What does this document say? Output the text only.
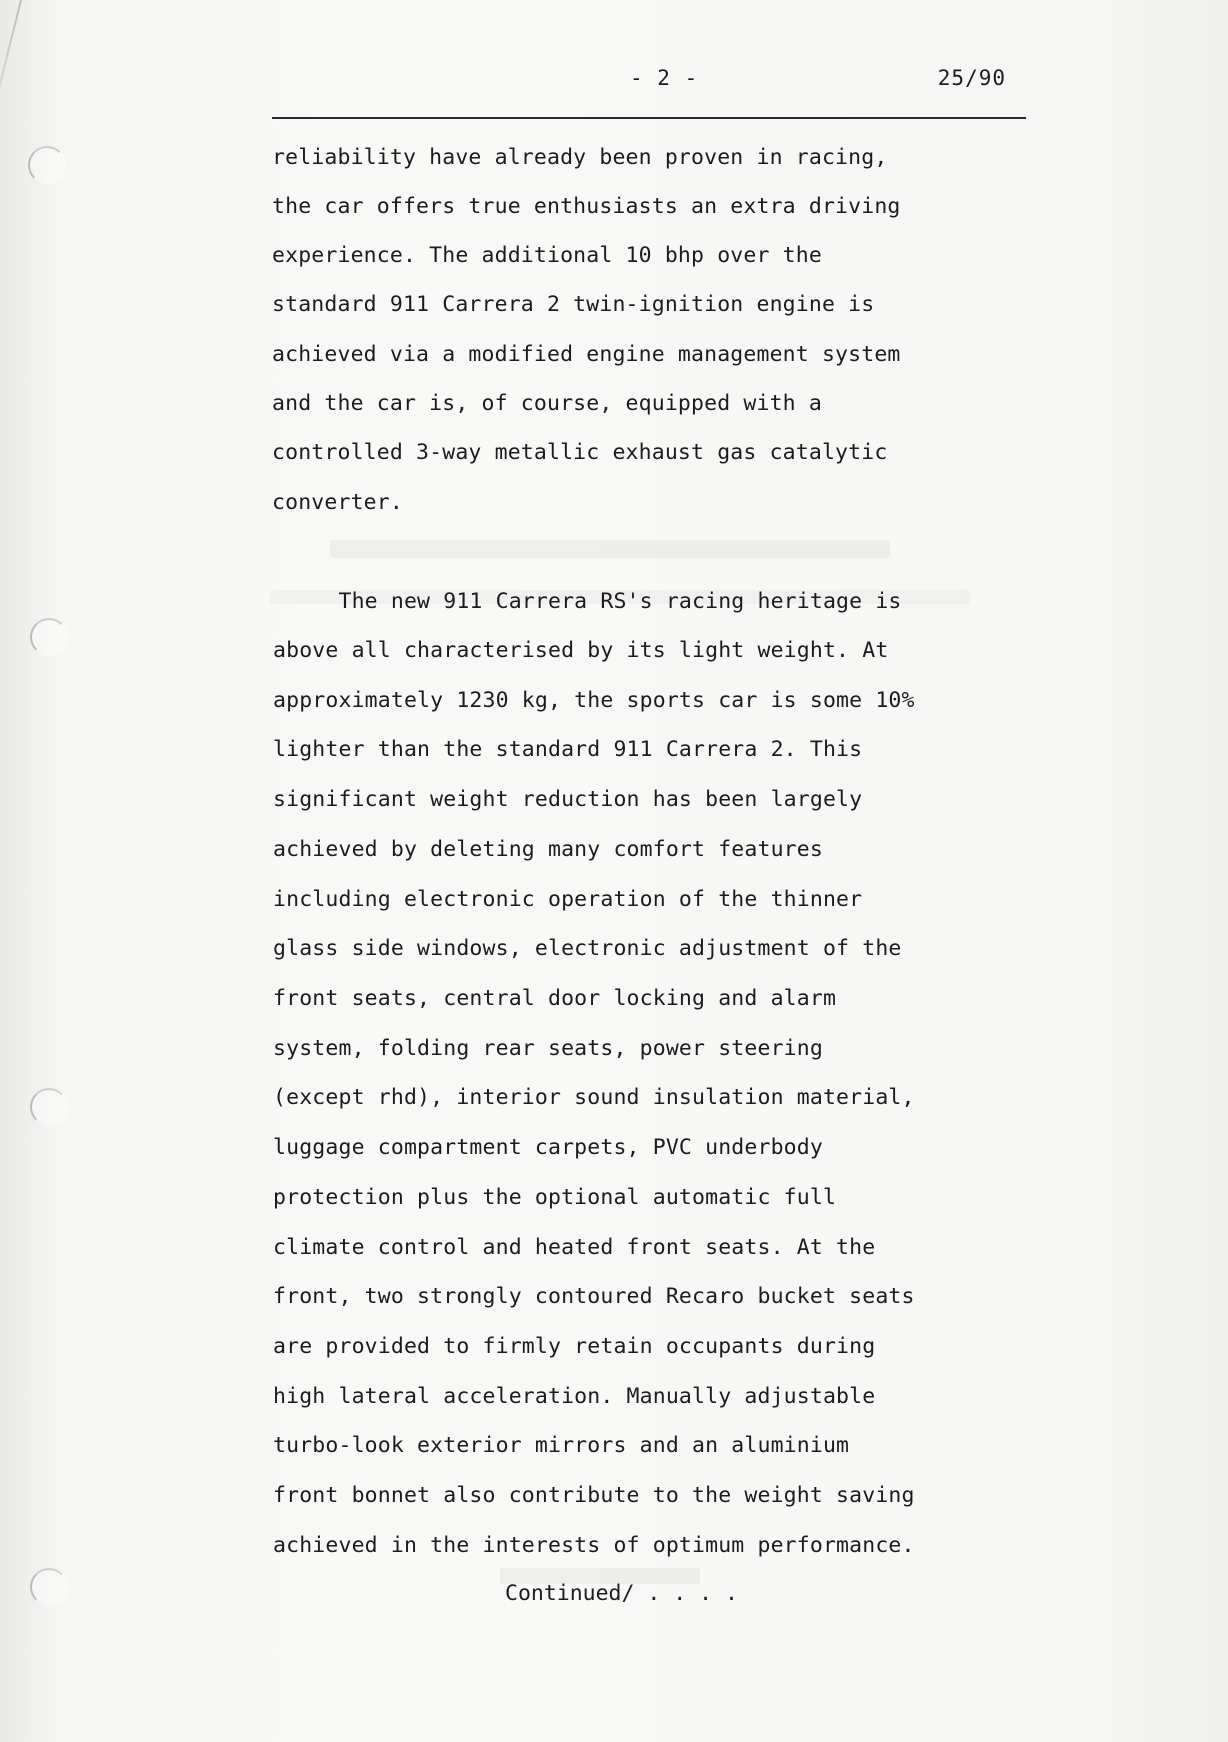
- 2 -	25/90
reliability have already been proven in racing,
the car offers true enthusiasts an extra driving
experience. The additional 10 bhp over the
standard 911 Carrera 2 twin-ignition engine is
achieved via a modified engine management system
and the car is, of course, equipped with a
controlled 3-way metallic exhaust gas catalytic
converter.
The new 911 Carrera RS's racing heritage is
above all characterised by its light weight. At
approximately 1230 kg, the sports car is some 10%
lighter than the standard 911 Carrera 2. This
significant weight reduction has been largely
achieved by deleting many comfort features
including electronic operation of the thinner
glass side windows, electronic adjustment of the
front seats, central door locking and alarm
system, folding rear seats, power steering
(except rhd), interior sound insulation material,
luggage compartment carpets, PVC underbody
protection plus the optional automatic full
climate control and heated front seats. At the
front, two strongly contoured Recaro bucket seats
are provided to firmly retain occupants during
high lateral acceleration. Manually adjustable
turbo-look exterior mirrors and an aluminium
front bonnet also contribute to the weight saving
achieved in the interests of optimum performance.
Continued/ . . . .
